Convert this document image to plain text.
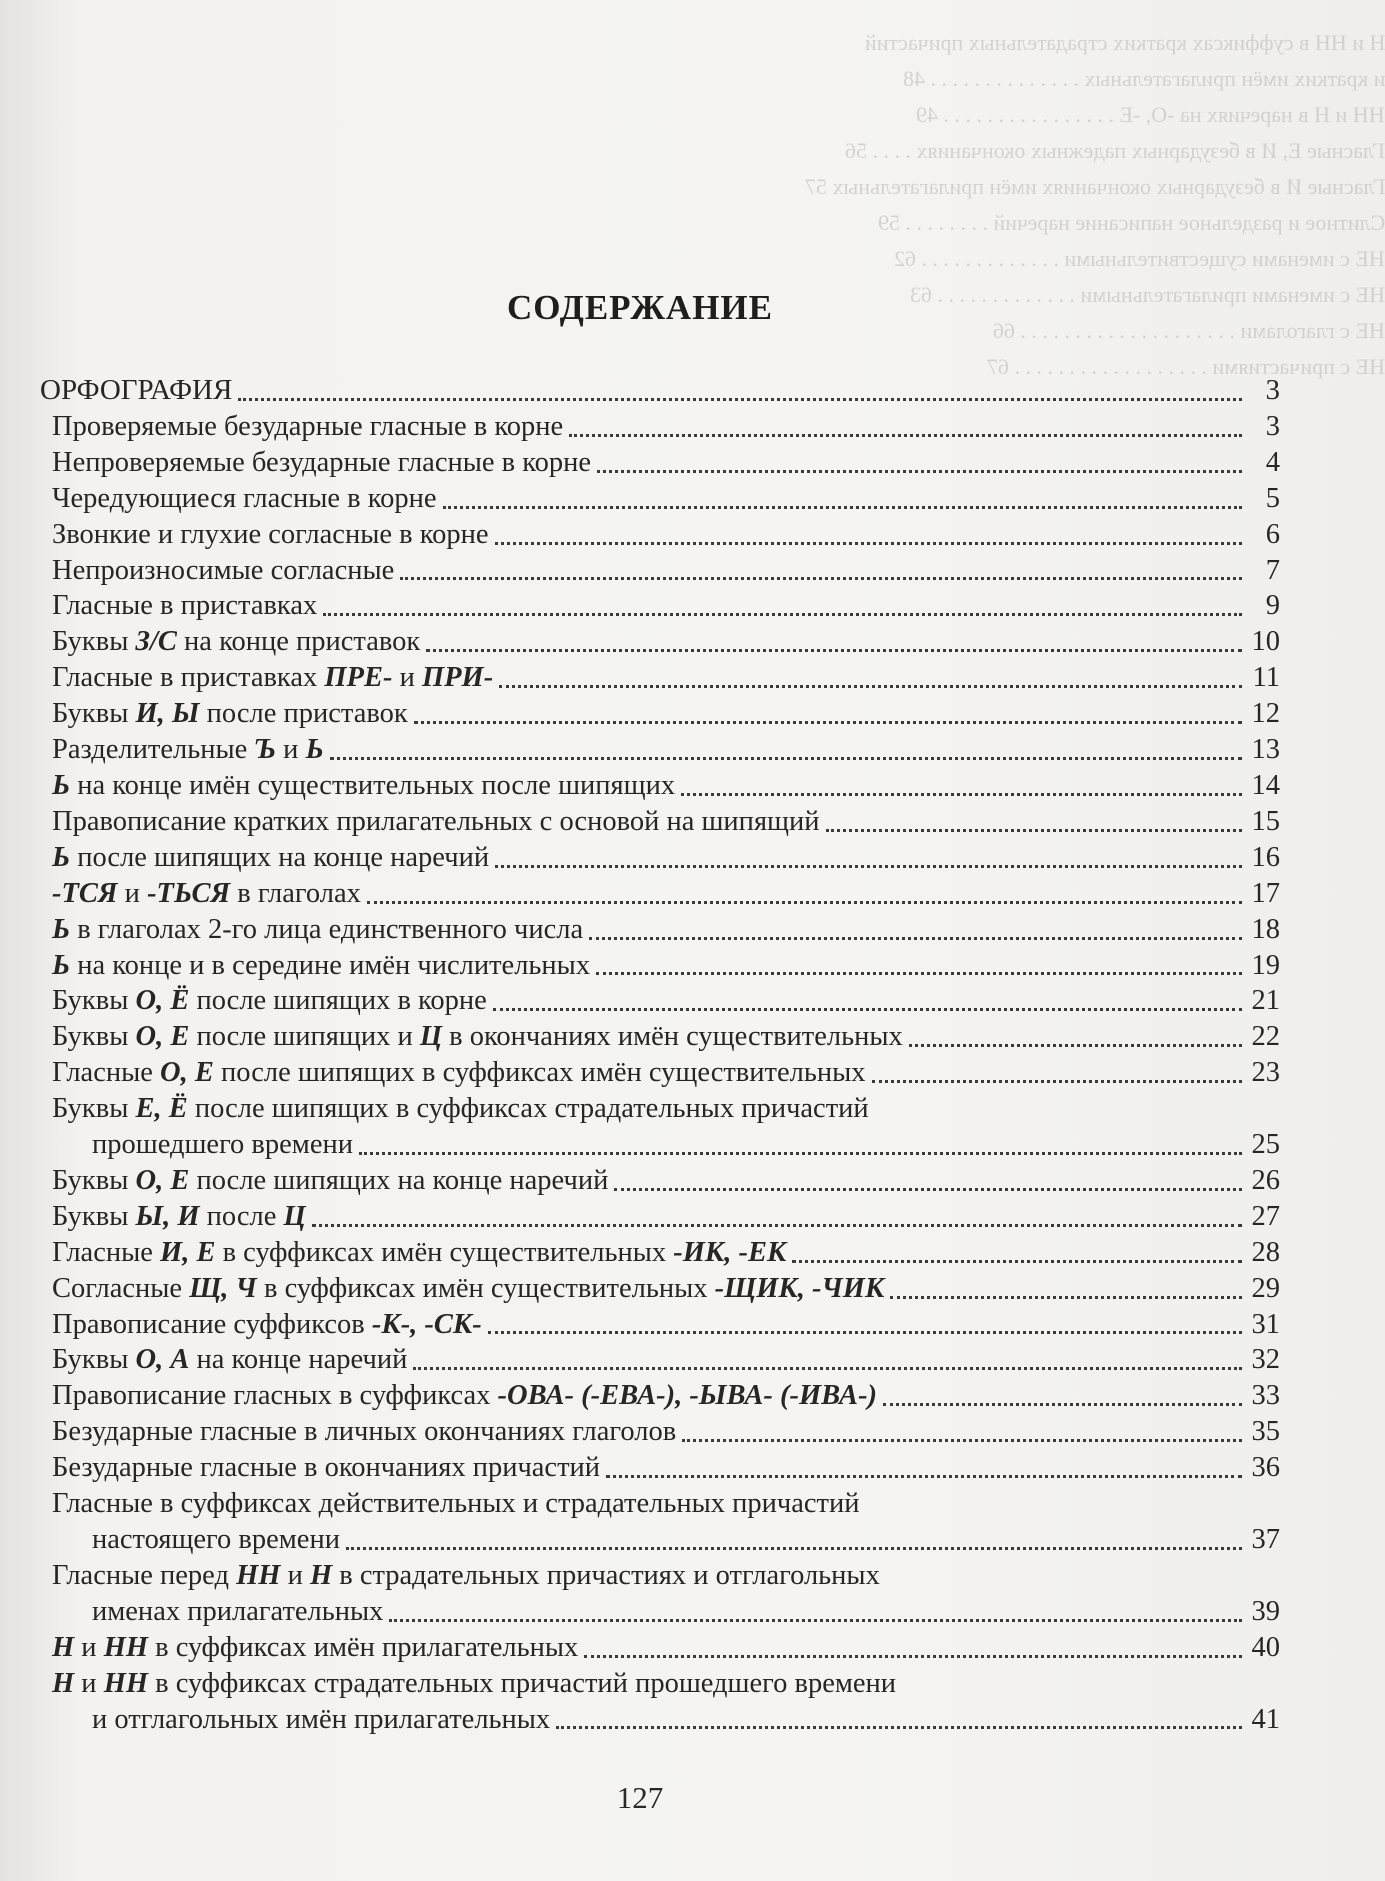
Н и НН в суффиксах кратких страдательных причастий
и кратких имён прилагательных . . . . . . . . . . . . . . 48
НН и Н в наречиях на -О, -Е . . . . . . . . . . . . . . . . 49
Гласные Е, И в безударных падежных окончаниях . . . . 56
Гласные И в безударных окончаниях имён прилагательных 57
Слитное и раздельное написание наречий . . . . . . . . 59
НЕ с именами существительными . . . . . . . . . . . . . 62
НЕ с именами прилагательными . . . . . . . . . . . . . 63
НЕ с глаголами . . . . . . . . . . . . . . . . . . . . 66
НЕ с причастиями . . . . . . . . . . . . . . . . . . 67
СОДЕРЖАНИЕ
ОРФОГРАФИЯ	3
Проверяемые безударные гласные в корне	3
Непроверяемые безударные гласные в корне	4
Чередующиеся гласные в корне	5
Звонкие и глухие согласные в корне	6
Непроизносимые согласные	7
Гласные в приставках	9
Буквы З/С на конце приставок	10
Гласные в приставках ПРЕ- и ПРИ-	11
Буквы И, Ы после приставок	12
Разделительные Ъ и Ь	13
Ь на конце имён существительных после шипящих	14
Правописание кратких прилагательных с основой на шипящий	15
Ь после шипящих на конце наречий	16
-ТСЯ и -ТЬСЯ в глаголах	17
Ь в глаголах 2-го лица единственного числа	18
Ь на конце и в середине имён числительных	19
Буквы О, Ё после шипящих в корне	21
Буквы О, Е после шипящих и Ц в окончаниях имён существительных	22
Гласные О, Е после шипящих в суффиксах имён существительных	23
Буквы Е, Ё после шипящих в суффиксах страдательных причастий
прошедшего времени	25
Буквы О, Е после шипящих на конце наречий	26
Буквы Ы, И после Ц	27
Гласные И, Е в суффиксах имён существительных -ИК, -ЕК	28
Согласные Щ, Ч в суффиксах имён существительных -ЩИК, -ЧИК	29
Правописание суффиксов -К-, -СК-	31
Буквы О, А на конце наречий	32
Правописание гласных в суффиксах -ОВА- (-ЕВА-), -ЫВА- (-ИВА-)	33
Безударные гласные в личных окончаниях глаголов	35
Безударные гласные в окончаниях причастий	36
Гласные в суффиксах действительных и страдательных причастий
настоящего времени	37
Гласные перед НН и Н в страдательных причастиях и отглагольных
именах прилагательных	39
Н и НН в суффиксах имён прилагательных	40
Н и НН в суффиксах страдательных причастий прошедшего времени
и отглагольных имён прилагательных	41
127
